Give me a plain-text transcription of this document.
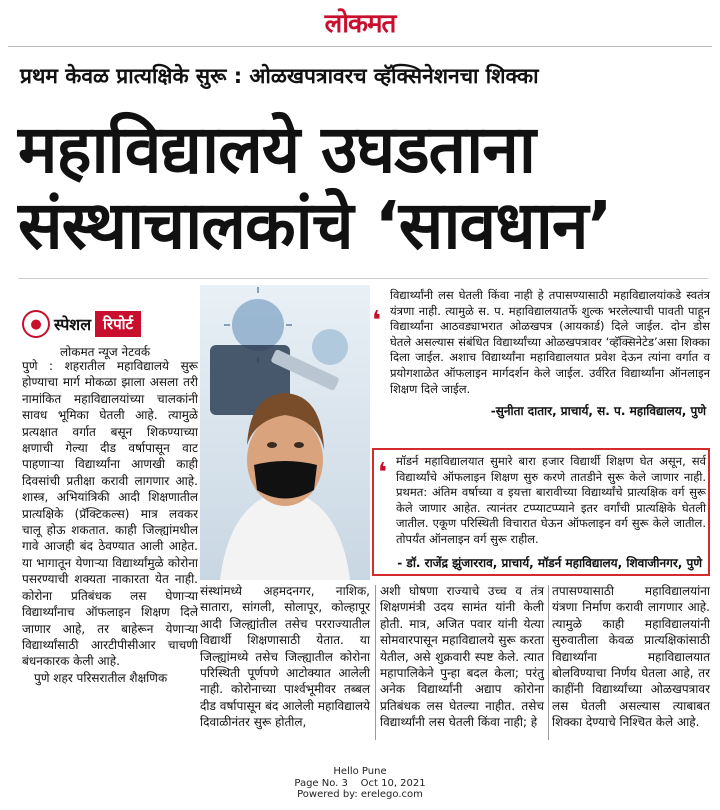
लोकमत
प्रथम केवळ प्रात्यक्षिके सुरू : ओळखपत्रावरच व्हॅक्सिनेशनचा शिक्का
महाविद्यालये उघडताना
संस्थाचालकांचे ‘सावधान’
● स्पेशल रिपोर्ट
लोकमत न्यूज नेटवर्क
पुणे : शहरातील महाविद्यालये सुरू होण्याचा मार्ग मोकळा झाला असला तरी नामांकित महाविद्यालयांच्या चालकांनी सावध भूमिका घेतली आहे. त्यामुळे प्रत्यक्षात वर्गात बसून शिकण्याच्या क्षणाची गेल्या दीड वर्षापासून वाट पाहणाऱ्या विद्यार्थ्यांना आणखी काही दिवसांची प्रतीक्षा करावी लागणार आहे. शास्त्र, अभियांत्रिकी आदी शिक्षणातील प्रात्यक्षिके (प्रॅक्टिकल्स) मात्र लवकर चालू होऊ शकतात. काही जिल्ह्यांमधील गावे आजही बंद ठेवण्यात आली आहेत. या भागातून येणाऱ्या विद्यार्थ्यांमुळे कोरोना पसरण्याची शक्यता नाकारता येत नाही. कोरोना प्रतिबंधक लस घेणाऱ्या विद्यार्थ्यांनाच ऑफलाइन शिक्षण दिले जाणार आहे, तर बाहेरून येणाऱ्या विद्यार्थ्यांसाठी आरटीपीसीआर चाचणी बंधनकारक केली आहे.
पुणे शहर परिसरातील शैक्षणिक
❛
विद्यार्थ्यांनी लस घेतली किंवा नाही हे तपासण्यासाठी महाविद्यालयांकडे स्वतंत्र यंत्रणा नाही. त्यामुळे स. प. महाविद्यालयातर्फे शुल्क भरलेल्याची पावती पाहून विद्यार्थ्यांना आठवड्याभरात ओळखपत्र (आयकार्ड) दिले जाईल. दोन डोस घेतले असल्यास संबंधित विद्यार्थ्यांच्या ओळखपत्रावर ‘व्हॅक्सिनेटेड’असा शिक्का दिला जाईल. अशाच विद्यार्थ्यांना महाविद्यालयात प्रवेश देऊन त्यांना वर्गात व प्रयोगशाळेत ऑफलाइन मार्गदर्शन केले जाईल. उर्वरित विद्यार्थ्यांना ऑनलाइन शिक्षण दिले जाईल.
-सुनीता दातार, प्राचार्य, स. प. महाविद्यालय, पुणे
❛ मॉडर्न महाविद्यालयात सुमारे बारा हजार विद्यार्थी शिक्षण घेत असून, सर्व विद्यार्थ्यांचे ऑफलाइन शिक्षण सुरु करणे तातडीने सुरू केले जाणार नाही. प्रथमत: अंतिम वर्षाच्या व इयत्ता बारावीच्या विद्यार्थ्यांचे प्रात्यक्षिक वर्ग सुरू केले जाणार आहेत. त्यानंतर टप्प्याटप्प्याने इतर वर्गांची प्रात्यक्षिके घेतली जातील. एकूण परिस्थिती विचारात घेऊन ऑफलाइन वर्ग सुरू केले जातील. तोपर्यंत ऑनलाइन वर्ग सुरू राहील.
- डॉ. राजेंद्र झुंजारराव, प्राचार्य, मॉडर्न महाविद्यालय, शिवाजीनगर, पुणे
संस्थांमध्ये अहमदनगर, नाशिक, सातारा, सांगली, सोलापूर, कोल्हापूर आदी जिल्ह्यांतील तसेच परराज्यातील विद्यार्थी शिक्षणासाठी येतात. या जिल्ह्यांमध्ये तसेच जिल्ह्यातील कोरोना परिस्थिती पूर्णपणे आटोक्यात आलेली नाही. कोरोनाच्या पार्श्वभूमीवर तब्बल दीड वर्षापासून बंद आलेली महाविद्यालये दिवाळीनंतर सुरू होतील,
अशी घोषणा राज्याचे उच्च व तंत्र शिक्षणमंत्री उदय सामंत यांनी केली होती. मात्र, अजित पवार यांनी येत्या सोमवारपासून महाविद्यालये सुरू करता येतील, असे शुक्रवारी स्पष्ट केले. त्यात महापालिकेने पुन्हा बदल केला; परंतु अनेक विद्यार्थ्यांनी अद्याप कोरोना प्रतिबंधक लस घेतल्या नाहीत. तसेच विद्यार्थ्यांनी लस घेतली किंवा नाही; हे
तपासण्यासाठी महाविद्यालयांना यंत्रणा निर्माण करावी लागणार आहे. त्यामुळे काही महाविद्यालयांनी सुरुवातीला केवळ प्रात्यक्षिकांसाठी विद्यार्थ्यांना महाविद्यालयात बोलविण्याचा निर्णय घेतला आहे, तर काहींनी विद्यार्थ्यांच्या ओळखपत्रावर लस घेतली असल्यास त्याबाबत शिक्का देण्याचे निश्चित केले आहे.
Hello Pune
Page No. 3    Oct 10, 2021
Powered by: erelego.com
